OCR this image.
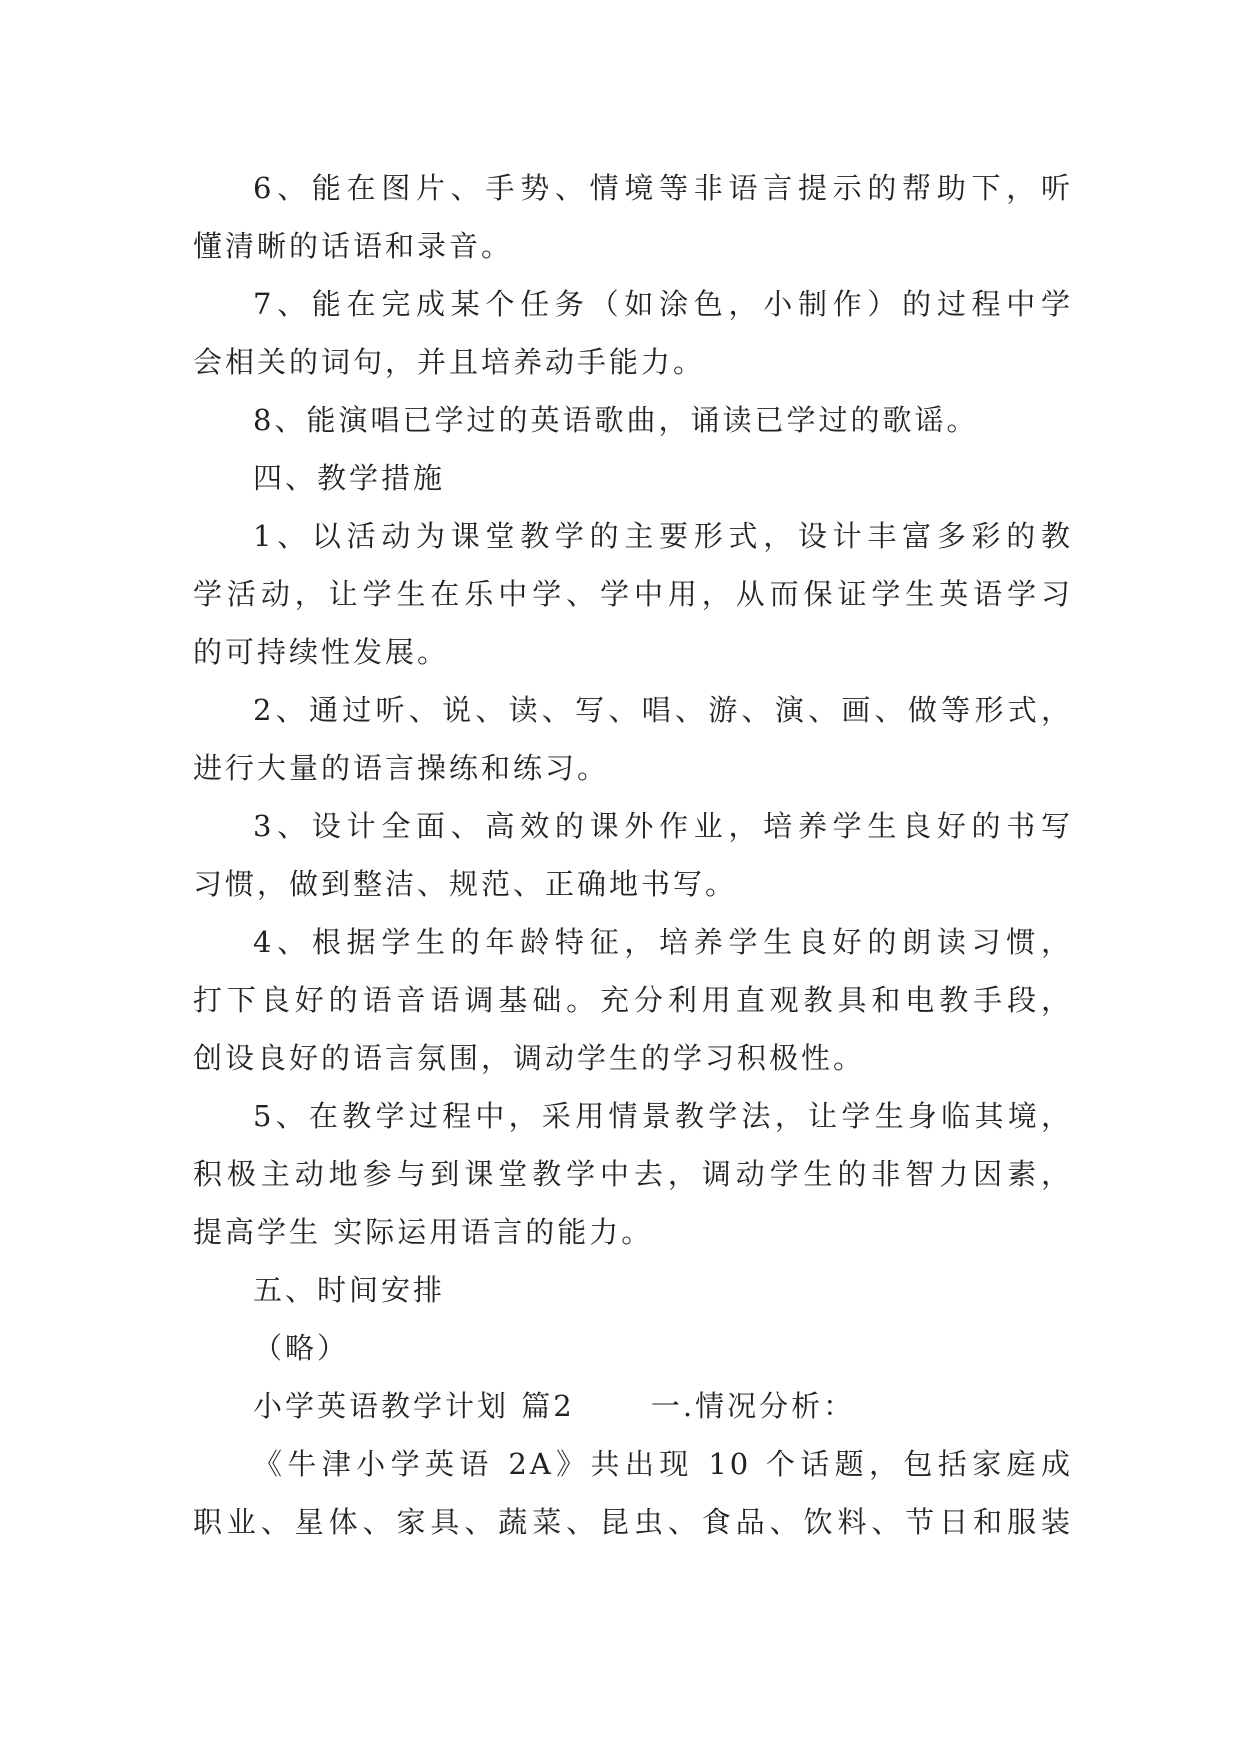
6、能在图片、手势、情境等非语言提示的帮助下，听
懂清晰的话语和录音。
7、能在完成某个任务（如涂色，小制作）的过程中学
会相关的词句，并且培养动手能力。
8、能演唱已学过的英语歌曲，诵读已学过的歌谣。
四、教学措施
1、以活动为课堂教学的主要形式，设计丰富多彩的教
学活动，让学生在乐中学、学中用，从而保证学生英语学习
的可持续性发展。
2、通过听、说、读、写、唱、游、演、画、做等形式，
进行大量的语言操练和练习。
3、设计全面、高效的课外作业，培养学生良好的书写
习惯，做到整洁、规范、正确地书写。
4、根据学生的年龄特征，培养学生良好的朗读习惯，
打下良好的语音语调基础。充分利用直观教具和电教手段，
创设良好的语言氛围，调动学生的学习积极性。
5、在教学过程中，采用情景教学法，让学生身临其境，
积极主动地参与到课堂教学中去，调动学生的非智力因素，
提高学生 实际运用语言的能力。
五、时间安排
（略）
小学英语教学计划 篇2　　 一.情况分析：
《牛津小学英语 2A》共出现 10 个话题，包括家庭成
职业、星体、家具、蔬菜、昆虫、食品、饮料、节日和服装
